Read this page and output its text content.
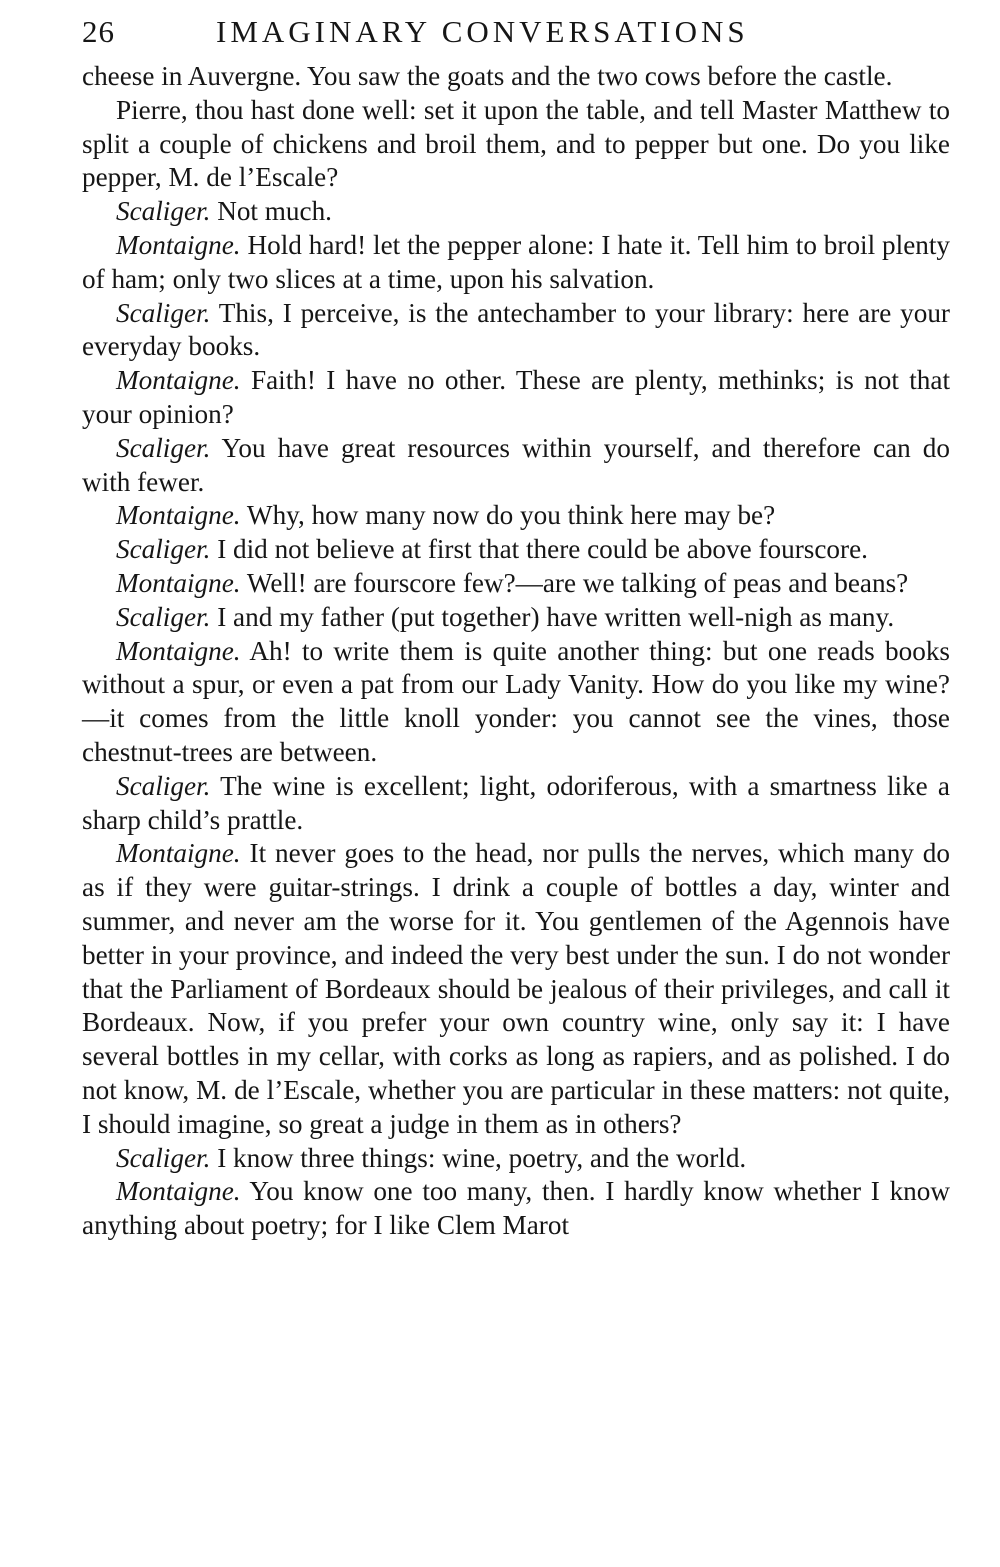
26	IMAGINARY CONVERSATIONS

cheese in Auvergne. You saw the goats and the two cows before the castle.

Pierre, thou hast done well: set it upon the table, and tell Master Matthew to split a couple of chickens and broil them, and to pepper but one. Do you like pepper, M. de l’Escale?

Scaliger. Not much.

Montaigne. Hold hard! let the pepper alone: I hate it. Tell him to broil plenty of ham; only two slices at a time, upon his salvation.

Scaliger. This, I perceive, is the antechamber to your library: here are your everyday books.

Montaigne. Faith! I have no other. These are plenty, methinks; is not that your opinion?

Scaliger. You have great resources within yourself, and therefore can do with fewer.

Montaigne. Why, how many now do you think here may be?

Scaliger. I did not believe at first that there could be above fourscore.

Montaigne. Well! are fourscore few?—are we talking of peas and beans?

Scaliger. I and my father (put together) have written well-nigh as many.

Montaigne. Ah! to write them is quite another thing: but one reads books without a spur, or even a pat from our Lady Vanity. How do you like my wine?—it comes from the little knoll yonder: you cannot see the vines, those chestnut-trees are between.

Scaliger. The wine is excellent; light, odoriferous, with a smartness like a sharp child’s prattle.

Montaigne. It never goes to the head, nor pulls the nerves, which many do as if they were guitar-strings. I drink a couple of bottles a day, winter and summer, and never am the worse for it. You gentlemen of the Agennois have better in your province, and indeed the very best under the sun. I do not wonder that the Parliament of Bordeaux should be jealous of their privileges, and call it Bordeaux. Now, if you prefer your own country wine, only say it: I have several bottles in my cellar, with corks as long as rapiers, and as polished. I do not know, M. de l’Escale, whether you are particular in these matters: not quite, I should imagine, so great a judge in them as in others?

Scaliger. I know three things: wine, poetry, and the world.

Montaigne. You know one too many, then. I hardly know whether I know anything about poetry; for I like Clem Marot
